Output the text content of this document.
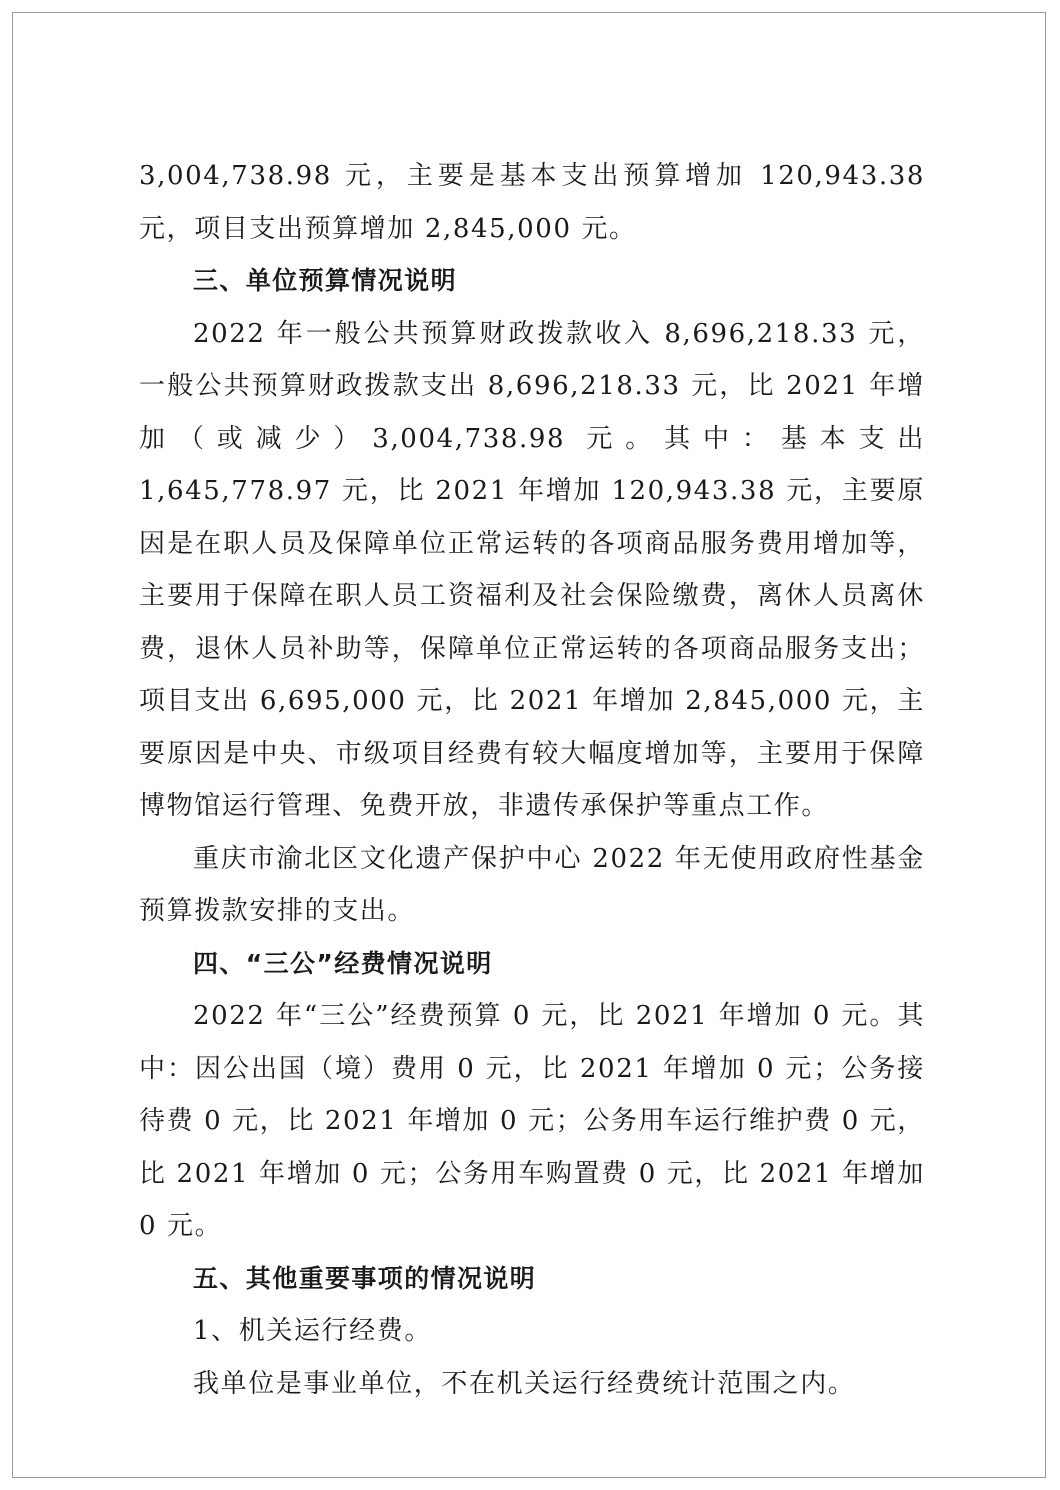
3,004,738.98 元，主要是基本支出预算增加 120,943.38 元，项目支出预算增加 2,845,000 元。

三、单位预算情况说明

2022 年一般公共预算财政拨款收入 8,696,218.33 元，一般公共预算财政拨款支出 8,696,218.33 元，比 2021 年增加（或减少）3,004,738.98 元。其中：基本支出 1,645,778.97 元，比 2021 年增加 120,943.38 元，主要原因是在职人员及保障单位正常运转的各项商品服务费用增加等，主要用于保障在职人员工资福利及社会保险缴费，离休人员离休费，退休人员补助等，保障单位正常运转的各项商品服务支出；项目支出 6,695,000 元，比 2021 年增加 2,845,000 元，主要原因是中央、市级项目经费有较大幅度增加等，主要用于保障博物馆运行管理、免费开放，非遗传承保护等重点工作。

重庆市渝北区文化遗产保护中心 2022 年无使用政府性基金预算拨款安排的支出。

四、“三公”经费情况说明

2022 年“三公”经费预算 0 元，比 2021 年增加 0 元。其中：因公出国（境）费用 0 元，比 2021 年增加 0 元；公务接待费 0 元，比 2021 年增加 0 元；公务用车运行维护费 0 元，比 2021 年增加 0 元；公务用车购置费 0 元，比 2021 年增加 0 元。

五、其他重要事项的情况说明

1、机关运行经费。

我单位是事业单位，不在机关运行经费统计范围之内。
